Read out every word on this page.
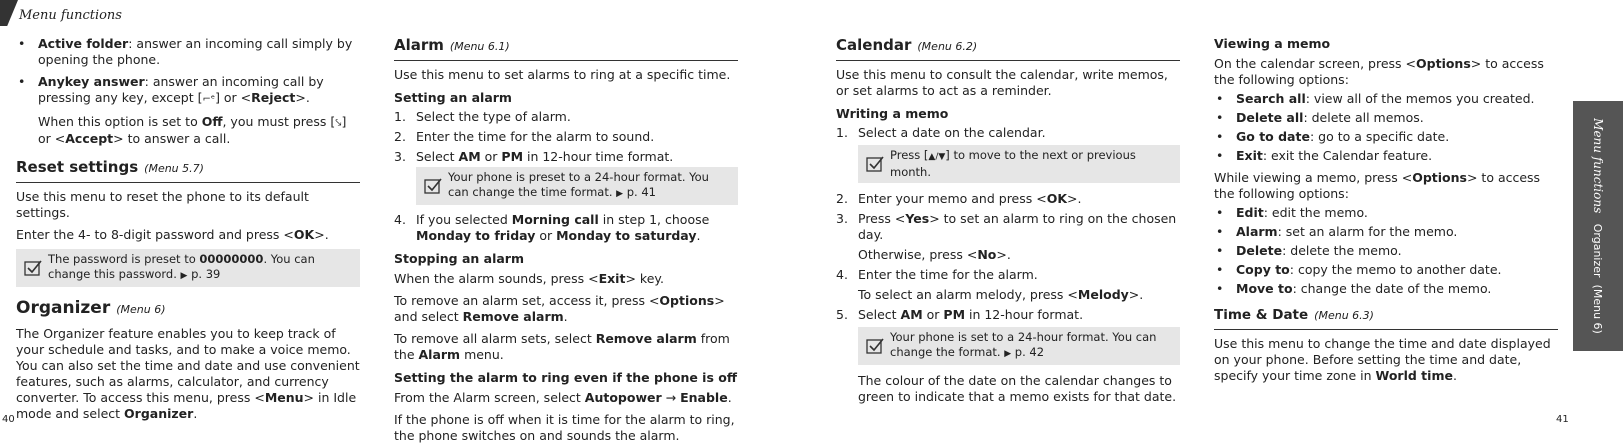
Menu functions
• Active folder: answer an incoming call simply by opening the phone.
• Anykey answer: answer an incoming call by pressing any key, except [⌐ᵉ] or <Reject>.
When this option is set to Off, you must press [⤥] or <Accept> to answer a call.
Reset settings (Menu 5.7)

Use this menu to reset the phone to its default settings.

Enter the 4- to 8-digit password and press <OK>.

The password is preset to 00000000. You can change this password. ▶ p. 39
Organizer (Menu 6)

The Organizer feature enables you to keep track of your schedule and tasks, and to make a voice memo. You can also set the time and date and use convenient features, such as alarms, calculator, and currency converter. To access this menu, press <Menu> in Idle mode and select Organizer.

Alarm (Menu 6.1)

Use this menu to set alarms to ring at a specific time.

Setting an alarm
1. Select the type of alarm.
2. Enter the time for the alarm to sound.
3. Select AM or PM in 12-hour time format.
Your phone is preset to a 24-hour format. You can change the time format. ▶ p. 41
4. If you selected Morning call in step 1, choose Monday to friday or Monday to saturday.
Stopping an alarm

When the alarm sounds, press <Exit> key.

To remove an alarm set, access it, press <Options> and select Remove alarm.

To remove all alarm sets, select Remove alarm from the Alarm menu.

Setting the alarm to ring even if the phone is off

From the Alarm screen, select Autopower → Enable.

If the phone is off when it is time for the alarm to ring, the phone switches on and sounds the alarm.

Calendar (Menu 6.2)

Use this menu to consult the calendar, write memos, or set alarms to act as a reminder.

Writing a memo
1. Select a date on the calendar.
Press [▲/▼] to move to the next or previous month.
2. Enter your memo and press <OK>.
3. Press <Yes> to set an alarm to ring on the chosen day.
Otherwise, press <No>.
4. Enter the time for the alarm.
To select an alarm melody, press <Melody>.
5. Select AM or PM in 12-hour format.
Your phone is set to a 24-hour format. You can change the format. ▶ p. 42
The colour of the date on the calendar changes to green to indicate that a memo exists for that date.
Viewing a memo

On the calendar screen, press <Options> to access the following options:

• Search all: view all of the memos you created.
• Delete all: delete all memos.
• Go to date: go to a specific date.
• Exit: exit the Calendar feature.

While viewing a memo, press <Options> to access the following options:

• Edit: edit the memo.
• Alarm: set an alarm for the memo.
• Delete: delete the memo.
• Copy to: copy the memo to another date.
• Move to: change the date of the memo.
Time & Date (Menu 6.3)

Use this menu to change the time and date displayed on your phone. Before setting the time and date, specify your time zone in World time.

Menu functions   Organizer  (Menu 6)
40	41
